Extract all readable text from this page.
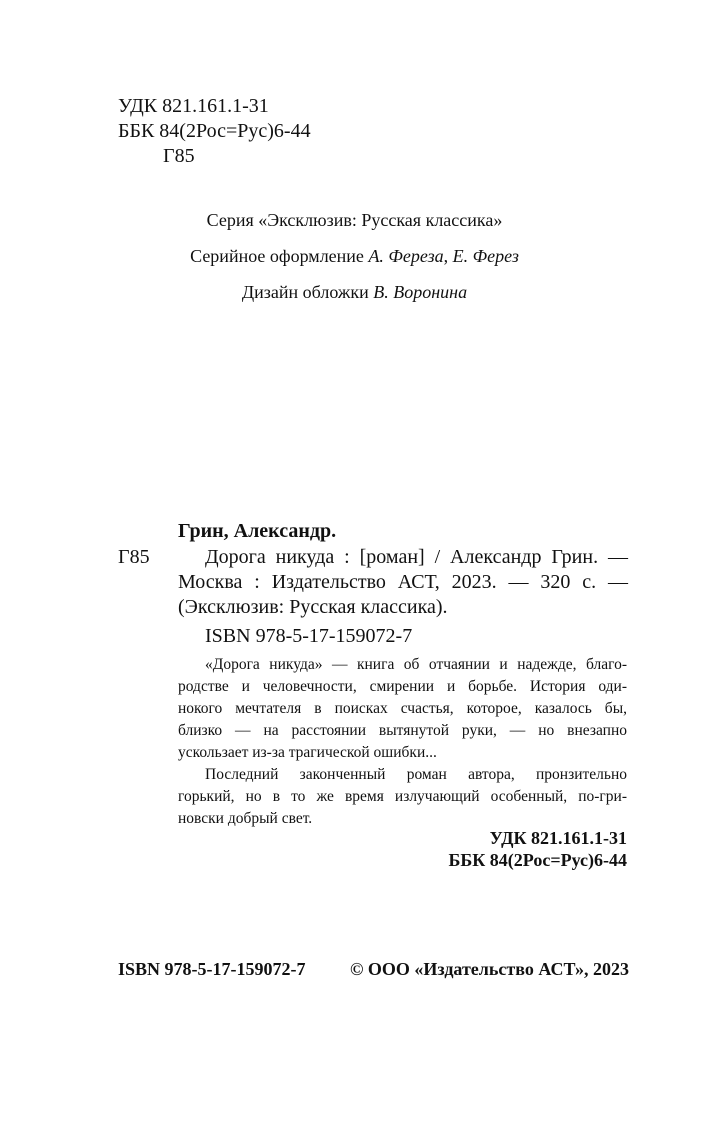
УДК 821.161.1-31
ББК 84(2Рос=Рус)6-44
Г85
Серия «Эксклюзив: Русская классика»
Серийное оформление А. Фереза, Е. Ферез
Дизайн обложки В. Воронина
Грин, Александр.
Г85	Дорога никуда : [роман] / Александр Грин. —
Москва : Издательство АСТ, 2023. — 320 с. —
(Эксклюзив: Русская классика).
ISBN 978-5-17-159072-7
«Дорога никуда» — книга об отчаянии и надежде, благо-
родстве и человечности, смирении и борьбе. История оди-
нокого мечтателя в поисках счастья, которое, казалось бы,
близко — на расстоянии вытянутой руки, — но внезапно
ускользает из-за трагической ошибки...
Последний законченный роман автора, пронзительно
горький, но в то же время излучающий особенный, по-гри-
новски добрый свет.
УДК 821.161.1-31
ББК 84(2Рос=Рус)6-44
ISBN 978-5-17-159072-7 © ООО «Издательство АСТ», 2023
